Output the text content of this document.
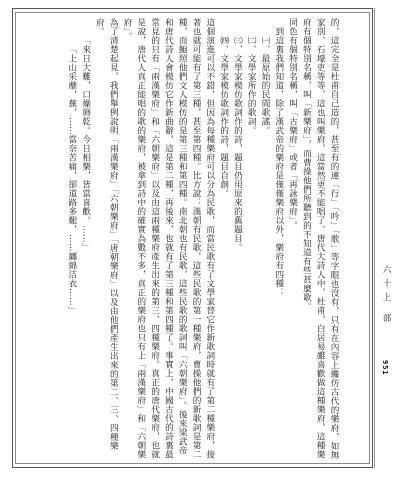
的，這完全是杜甫自己造的，甚至有的連「行」「吟」「歌」等字眼也沒有，只有在內容上纔仿古代的樂府，如無家別、石壕吏等等，這也叫樂府，這當然更不能唱了。唐代大詩人中，杜甫，白居易雖喜歡做這種樂府，這種樂府有個特別名稱，叫「新樂府」，而曹操他們所聽到的不知道有些甚麼歌。

同色有個特別名稱，叫「古樂府」或者「再詠樂府」。

到這裏我們知道，除了漢武帝的樂府是僅僅樂府以外，樂府有四種：

㈠、最原始的民間歌謠。

㈡、文學家所作的歌詞。

㈢、文學家模仿歌詞作的詩，題目仍用原來的舊題目。

㈣、文學家模仿歌詞作的詩，題目自創。

這個演進可以不錯，但因為每種樂府可以分為民歌，而當民歌有了文學家替它作新歌詞時就有了第二種樂府，接著也就可能有了第三種，甚至第四種。比方說：漢朝有民歌，這些民歌的第一種樂府，曹操他們的新歌詞是第二種，而鮑照他們文人模仿的是第三種和第四種。南北朝也有民歌，這些民歌的歌詞叫「六朝樂府」。後來梁武帝和唐代詩人會模仿它作新曲辭，這是第二種，再後來，也就有了第三種和第四種了。事實上，中國古代的詩裏最常見的只有「兩漢樂府」和「六朝樂府」以及由這兩種樂府產生出來的第三、四種樂府。真正的唐代樂府，也就是說，唐代人真正能唱的歌的樂府，被拿到詩中的確實為數不多，真正的樂府也只有上「兩漢樂府」和「六朝樂府」。

為了清楚起見，我們舉例說明「兩漢樂府」「六朝樂府」「唐朝樂府」以及由他們產生出來的第二、三、四種樂府。

「來日大難，口燥脣乾。今日相樂，皆當喜歡。……」

「上山采蘼，蕪，……當奈苦痛，卻道路多艱，……纏綿洁衣……」	六十上 部
951
